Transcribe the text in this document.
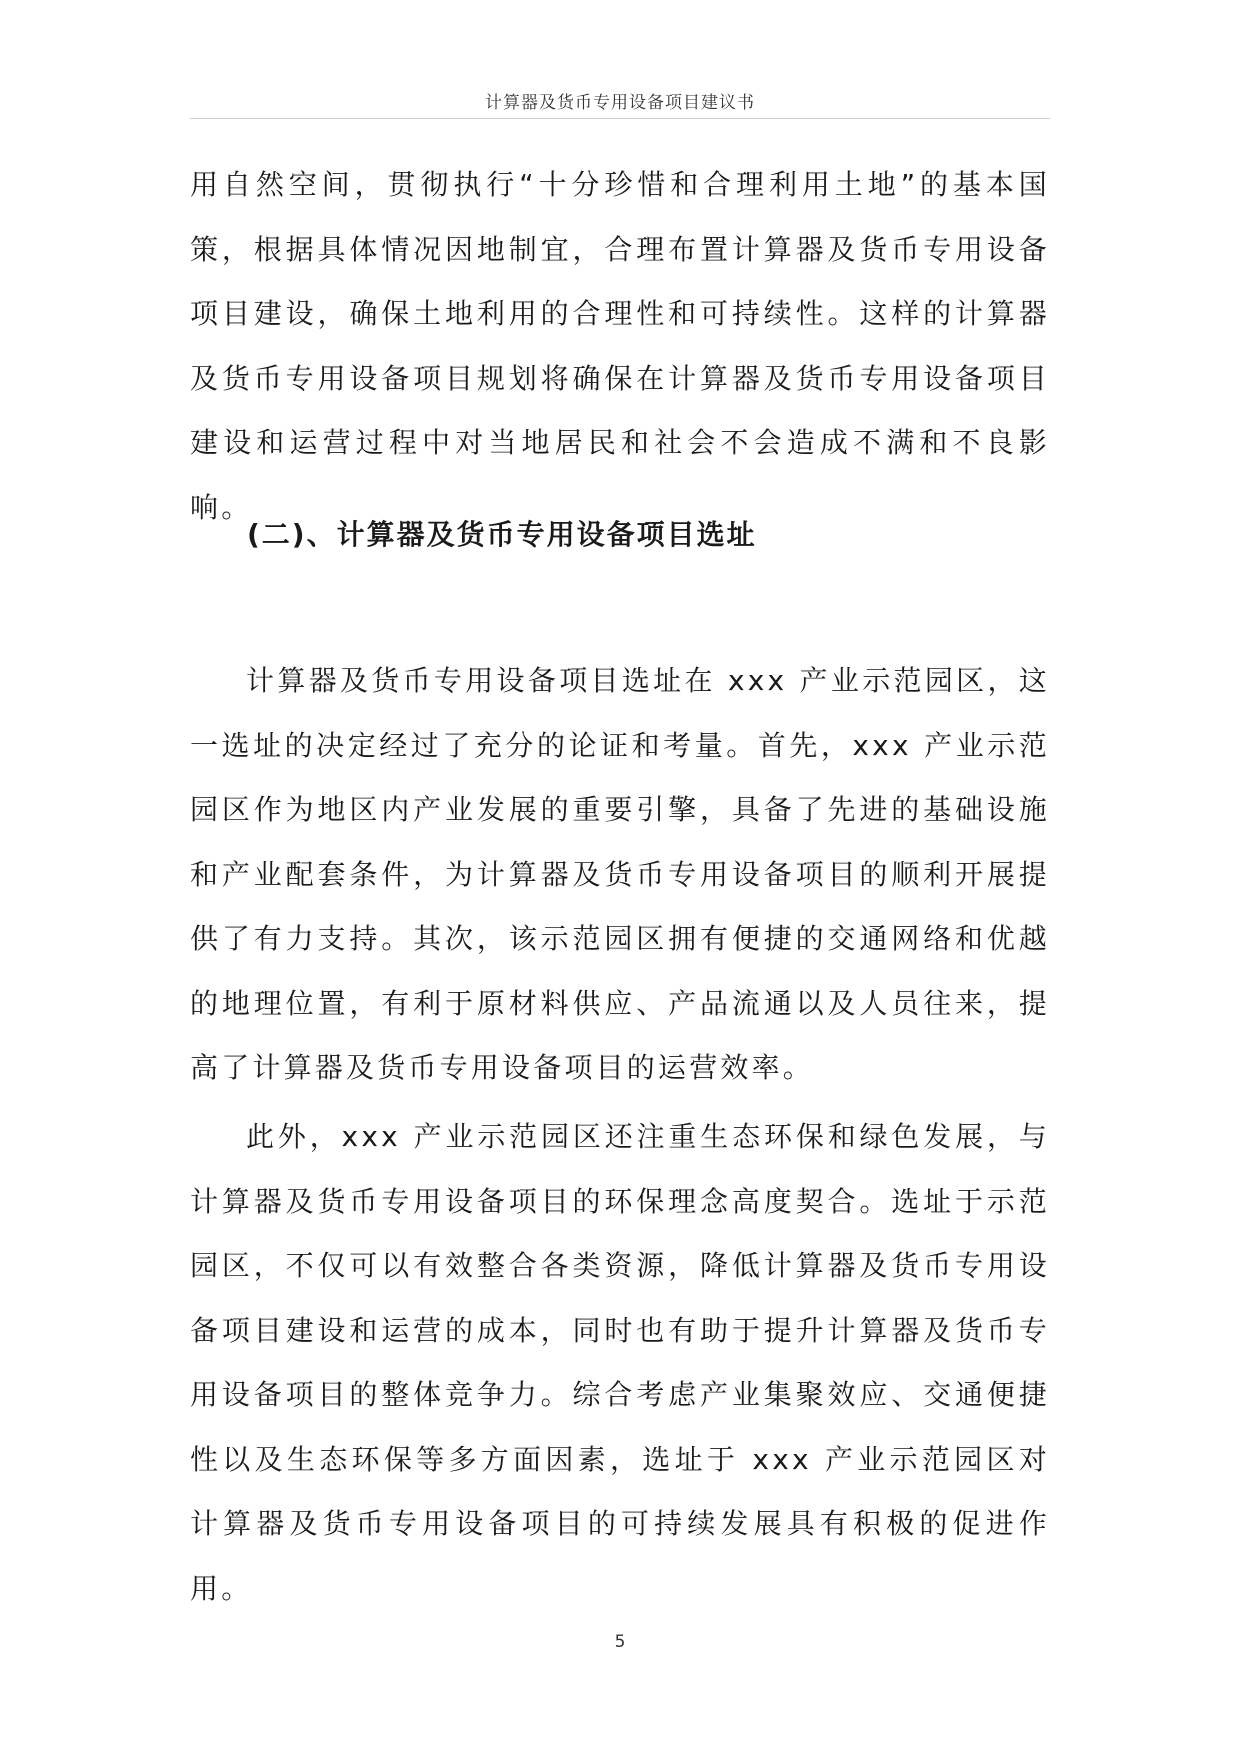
计算器及货币专用设备项目建议书

用自然空间，贯彻执行“十分珍惜和合理利用土地”的基本国策，根据具体情况因地制宜，合理布置计算器及货币专用设备项目建设，确保土地利用的合理性和可持续性。这样的计算器及货币专用设备项目规划将确保在计算器及货币专用设备项目建设和运营过程中对当地居民和社会不会造成不满和不良影响。

(二)、计算器及货币专用设备项目选址

计算器及货币专用设备项目选址在 xxx 产业示范园区，这一选址的决定经过了充分的论证和考量。首先，xxx 产业示范园区作为地区内产业发展的重要引擎，具备了先进的基础设施和产业配套条件，为计算器及货币专用设备项目的顺利开展提供了有力支持。其次，该示范园区拥有便捷的交通网络和优越的地理位置，有利于原材料供应、产品流通以及人员往来，提高了计算器及货币专用设备项目的运营效率。

此外，xxx 产业示范园区还注重生态环保和绿色发展，与计算器及货币专用设备项目的环保理念高度契合。选址于示范园区，不仅可以有效整合各类资源，降低计算器及货币专用设备项目建设和运营的成本，同时也有助于提升计算器及货币专用设备项目的整体竞争力。综合考虑产业集聚效应、交通便捷性以及生态环保等多方面因素，选址于 xxx 产业示范园区对计算器及货币专用设备项目的可持续发展具有积极的促进作用。

5
